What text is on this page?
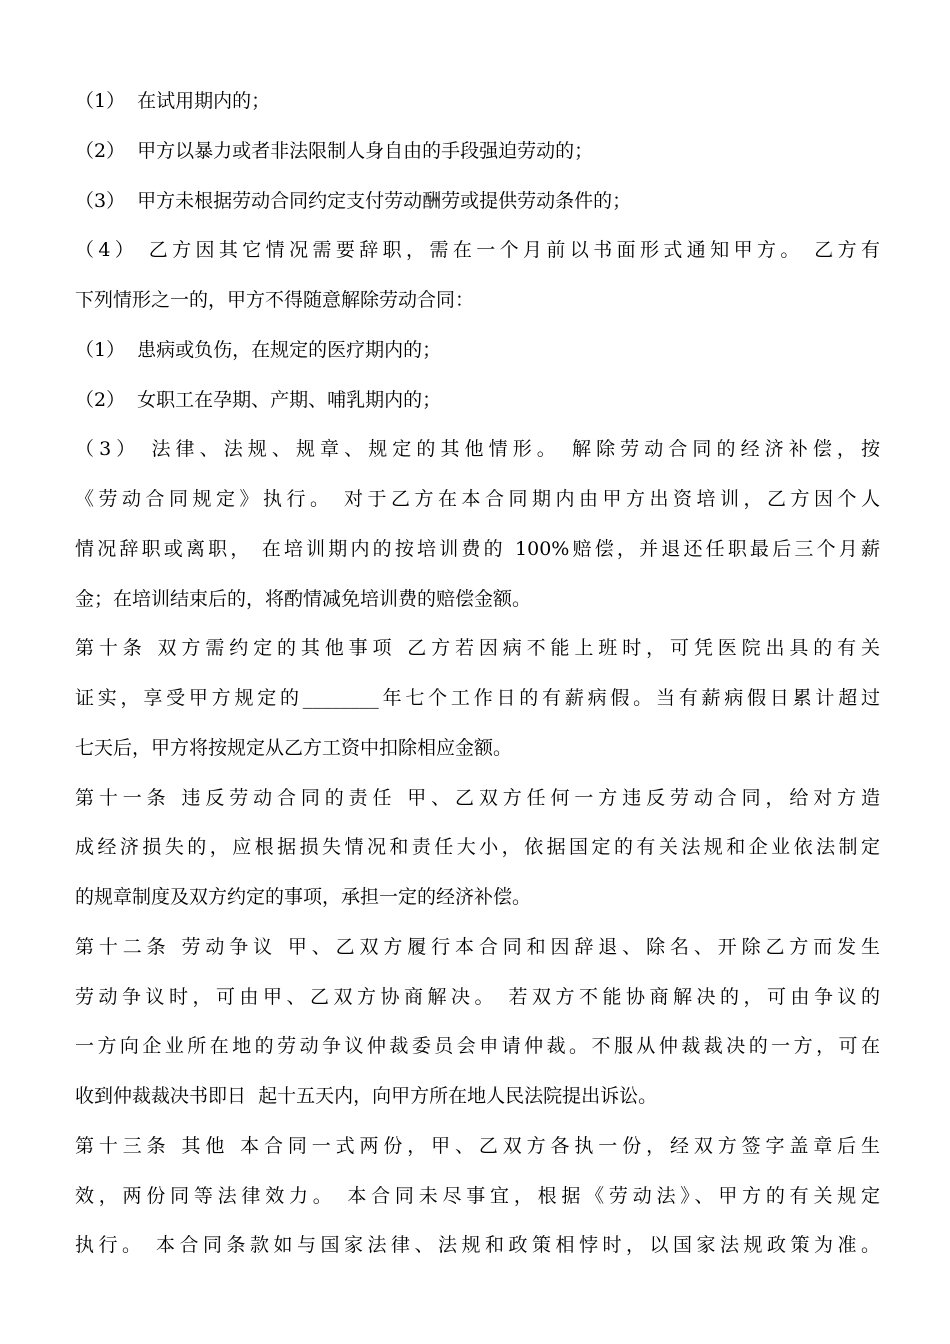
（1）  在试用期内的；
（2）  甲方以暴力或者非法限制人身自由的手段强迫劳动的；
（3）  甲方未根据劳动合同约定支付劳动酬劳或提供劳动条件的；
（4） 乙方因其它情况需要辞职，需在一个月前以书面形式通知甲方。 乙方有
下列情形之一的，甲方不得随意解除劳动合同：
（1）  患病或负伤，在规定的医疗期内的；
（2）  女职工在孕期、产期、哺乳期内的；
（3） 法律、法规、规章、规定的其他情形。 解除劳动合同的经济补偿，按
《劳动合同规定》执行。 对于乙方在本合同期内由甲方出资培训，乙方因个人
情况辞职或离职， 在培训期内的按培训费的 100%赔偿，并退还任职最后三个月薪
金；在培训结束后的，将酌情减免培训费的赔偿金额。
第十条 双方需约定的其他事项 乙方若因病不能上班时，可凭医院出具的有关
证实，享受甲方规定的________年七个工作日的有薪病假。当有薪病假日累计超过
七天后，甲方将按规定从乙方工资中扣除相应金额。
第十一条 违反劳动合同的责任 甲、乙双方任何一方违反劳动合同，给对方造
成经济损失的，应根据损失情况和责任大小，依据国定的有关法规和企业依法制定
的规章制度及双方约定的事项，承担一定的经济补偿。
第十二条 劳动争议 甲、乙双方履行本合同和因辞退、除名、开除乙方而发生
劳动争议时，可由甲、乙双方协商解决。 若双方不能协商解决的，可由争议的
一方向企业所在地的劳动争议仲裁委员会申请仲裁。不服从仲裁裁决的一方，可在
收到仲裁裁决书即日  起十五天内，向甲方所在地人民法院提出诉讼。
第十三条 其他 本合同一式两份，甲、乙双方各执一份，经双方签字盖章后生
效，两份同等法律效力。 本合同未尽事宜，根据《劳动法》、甲方的有关规定
执行。 本合同条款如与国家法律、法规和政策相悖时，以国家法规政策为准。
